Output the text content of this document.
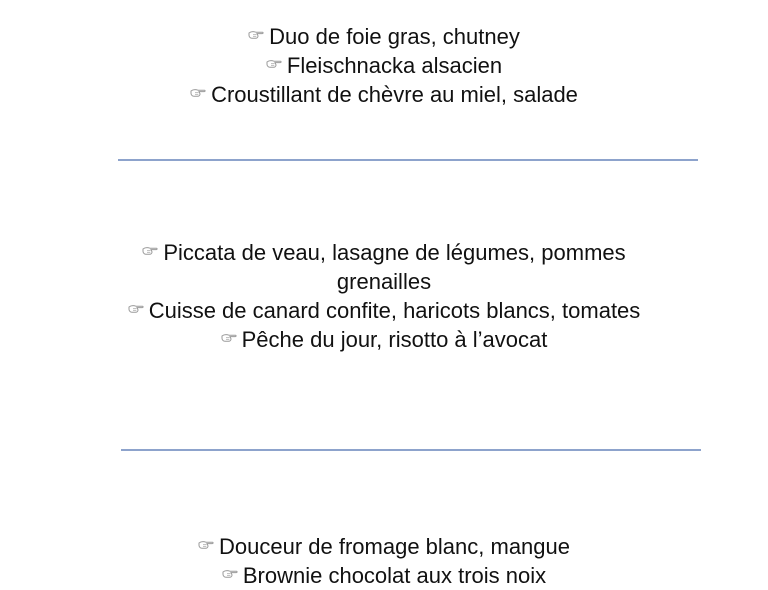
Duo de foie gras, chutney
Fleischnacka alsacien
Croustillant de chèvre au miel, salade
Piccata de veau, lasagne de légumes, pommes grenailles
Cuisse de canard confite, haricots blancs, tomates
Pêche du jour, risotto à l’avocat
Douceur de fromage blanc, mangue
Brownie chocolat aux trois noix
